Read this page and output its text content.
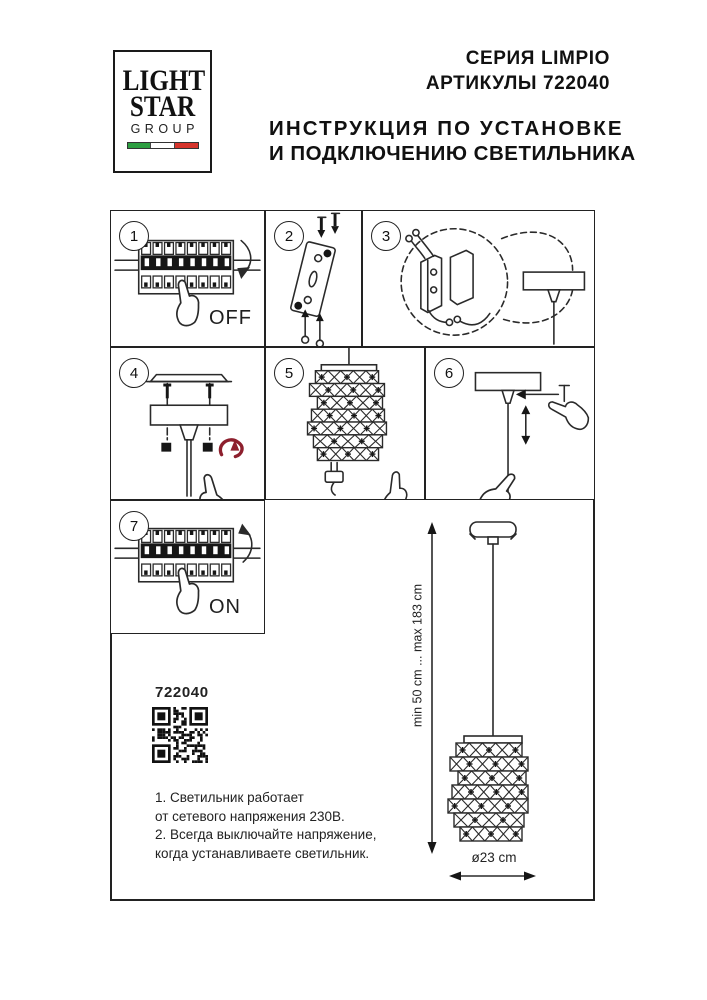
LIGHT
STAR
GROUP
СЕРИЯ LIMPIO
АРТИКУЛЫ 722040
ИНСТРУКЦИЯ ПО УСТАНОВКЕ
И ПОДКЛЮЧЕНИЮ СВЕТИЛЬНИКА
1
OFF
2	3
4	5	6
7
ON
722040
1. Светильник работает
от сетевого напряжения 230В.
2. Всегда выключайте напряжение,
когда устанавливаете светильник.
min 50 cm ... max 183 cm
ø23 cm
